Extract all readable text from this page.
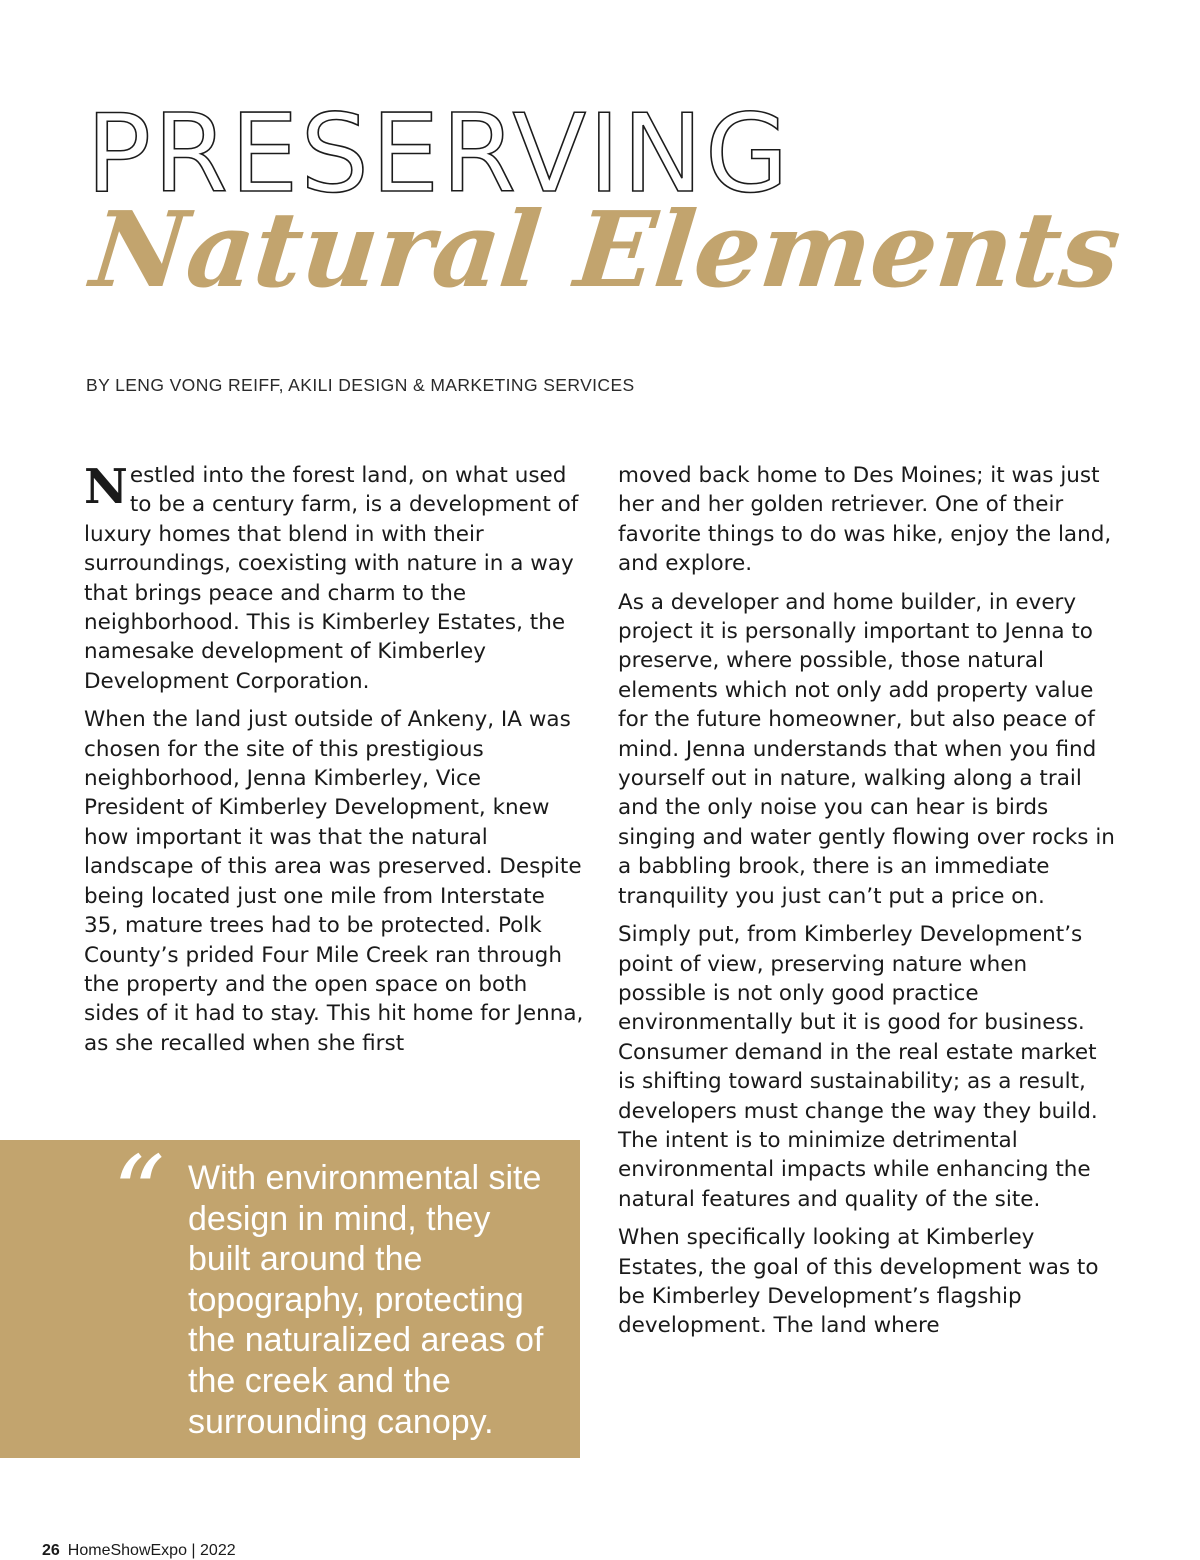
PRESERVING
Natural Elements
BY LENG VONG REIFF, AKILI DESIGN & MARKETING SERVICES

Nestled into the forest land, on what used to be a century farm, is a development of luxury homes that blend in with their surroundings, coexisting with nature in a way that brings peace and charm to the neighborhood. This is Kimberley Estates, the namesake development of Kimberley Development Corporation.

When the land just outside of Ankeny, IA was chosen for the site of this prestigious neighborhood, Jenna Kimberley, Vice President of Kimberley Development, knew how important it was that the natural landscape of this area was preserved. Despite being located just one mile from Interstate 35, mature trees had to be protected. Polk County’s prided Four Mile Creek ran through the property and the open space on both sides of it had to stay. This hit home for Jenna, as she recalled when she first

moved back home to Des Moines; it was just her and her golden retriever. One of their favorite things to do was hike, enjoy the land, and explore.

As a developer and home builder, in every project it is personally important to Jenna to preserve, where possible, those natural elements which not only add property value for the future homeowner, but also peace of mind. Jenna understands that when you find yourself out in nature, walking along a trail and the only noise you can hear is birds singing and water gently flowing over rocks in a babbling brook, there is an immediate tranquility you just can’t put a price on.

Simply put, from Kimberley Development’s point of view, preserving nature when possible is not only good practice environmentally but it is good for business. Consumer demand in the real estate market is shifting toward sustainability; as a result, developers must change the way they build. The intent is to minimize detrimental environmental impacts while enhancing the natural features and quality of the site.

When specifically looking at Kimberley Estates, the goal of this development was to be Kimberley Development’s flagship development. The land where

“ With environmental site design in mind, they built around the topography, protecting the naturalized areas of the creek and the surrounding canopy.
26 HomeShowExpo | 2022
